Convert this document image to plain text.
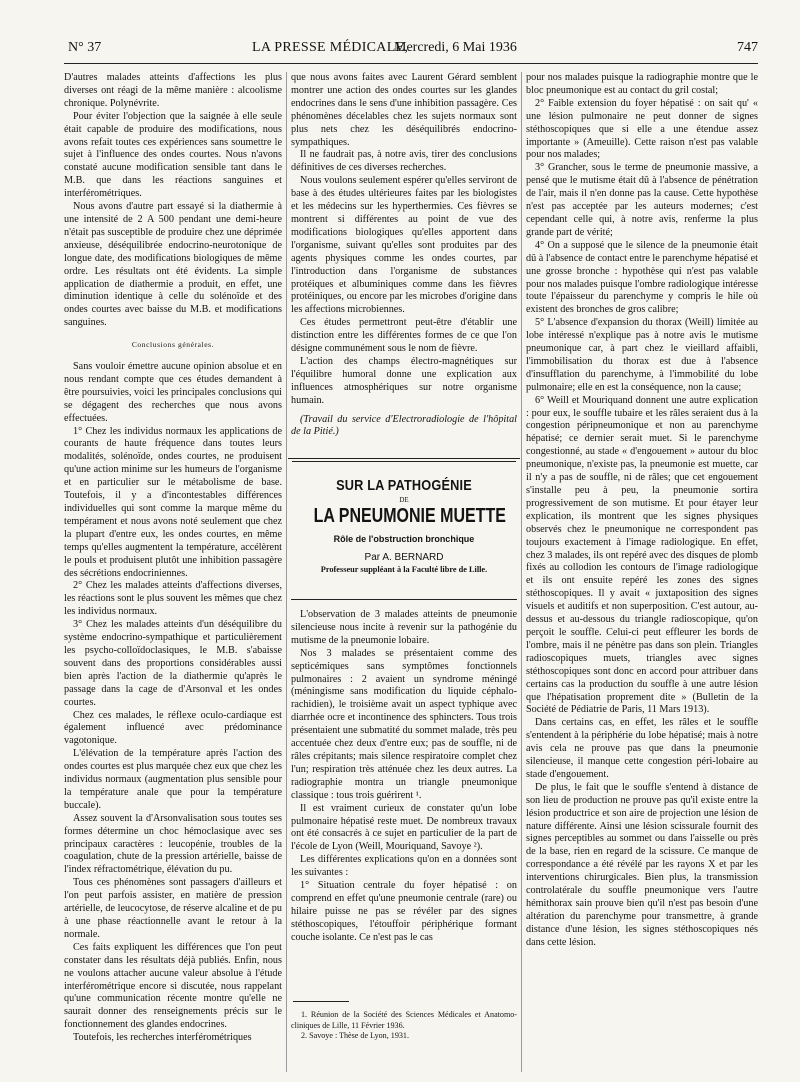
N° 37	LA PRESSE MÉDICALE,
Mercredi, 6 Mai 1936	747

D'autres malades atteints d'affections les plus diverses ont réagi de la même manière : alcoolisme chronique. Polynévrite.

Pour éviter l'objection que la saignée à elle seule était capable de produire des modifications, nous avons refait toutes ces expériences sans soumettre le sujet à l'influence des ondes courtes. Nous n'avons constaté aucune modification sensible tant dans le M.B. que dans les réactions sanguines et interférométriques.

Nous avons d'autre part essayé si la diathermie à une intensité de 2 A 500 pendant une demi-heure n'était pas susceptible de produire chez une déprimée anxieuse, déséquilibrée endocrino-neurotonique de longue date, des modifications biologiques de même ordre. Les résultats ont été évidents. La simple application de diathermie a produit, en effet, une diminution identique à celle du solénoïde et des ondes courtes avec baisse du M.B. et modifications sanguines.

Conclusions générales.

Sans vouloir émettre aucune opinion absolue et en nous rendant compte que ces études demandent à être poursuivies, voici les principales conclusions qui se dégagent des recherches que nous avons effectuées.

1° Chez les individus normaux les applications de courants de haute fréquence dans toutes leurs modalités, solénoïde, ondes courtes, ne produisent qu'une action minime sur les humeurs de l'organisme et en particulier sur le métabolisme de base. Toutefois, il y a d'incontestables différences individuelles qui sont comme la marque même du tempérament et nous avons noté seulement que chez la plupart d'entre eux, les ondes courtes, en même temps qu'elles augmentent la température, accélèrent le pouls et produisent plutôt une inhibition passagère des sécrétions endocriniennes.

2° Chez les malades atteints d'affections diverses, les réactions sont le plus souvent les mêmes que chez les individus normaux.

3° Chez les malades atteints d'un déséquilibre du système endocrino-sympathique et particulièrement les psycho-colloïdoclasiques, le M.B. s'abaisse souvent dans des proportions considérables aussi bien après l'action de la diathermie qu'après le passage dans la cage de d'Arsonval et les ondes courtes.

Chez ces malades, le réflexe oculo-cardiaque est également influencé avec prédominance vagotonique.

L'élévation de la température après l'action des ondes courtes est plus marquée chez eux que chez les individus normaux (augmentation plus sensible pour la température anale que pour la température buccale).

Assez souvent la d'Arsonvalisation sous toutes ses formes détermine un choc hémoclasique avec ses principaux caractères : leucopénie, troubles de la coagulation, chute de la pression artérielle, baisse de l'index réfractométrique, élévation du pu.

Tous ces phénomènes sont passagers d'ailleurs et l'on peut parfois assister, en matière de pression artérielle, de leucocytose, de réserve alcaline et de pu à une phase réactionnelle avant le retour à la normale.

Ces faits expliquent les différences que l'on peut constater dans les résultats déjà publiés. Enfin, nous ne voulons attacher aucune valeur absolue à l'étude interférométrique encore si discutée, nous rappelant qu'une communication récente montre qu'elle ne saurait donner des renseignements précis sur le fonctionnement des glandes endocrines.

Toutefois, les recherches interférométriques

que nous avons faites avec Laurent Gérard semblent montrer une action des ondes courtes sur les glandes endocrines dans le sens d'une inhibition passagère. Ces phénomènes décelables chez les sujets normaux sont plus nets chez les déséquilibrés endocrino-sympathiques.

Il ne faudrait pas, à notre avis, tirer des conclusions définitives de ces diverses recherches.

Nous voulons seulement espérer qu'elles serviront de base à des études ultérieures faites par les biologistes et les médecins sur les hyperthermies. Ces fièvres se montrent si différentes au point de vue des modifications biologiques qu'elles apportent dans l'organisme, suivant qu'elles sont produites par des agents physiques comme les ondes courtes, par l'introduction dans l'organisme de substances protéiques et albuminiques comme dans les fièvres protéiniques, ou encore par les microbes d'origine dans les affections microbiennes.

Ces études permettront peut-être d'établir une distinction entre les différentes formes de ce que l'on désigne communément sous le nom de fièvre.

L'action des champs électro-magnétiques sur l'équilibre humoral donne une explication aux influences atmosphériques sur notre organisme humain.

(Travail du service d'Electroradiologie de l'hôpital de la Pitié.)

SUR LA PATHOGÉNIE
DE
LA PNEUMONIE MUETTE
Rôle de l'obstruction bronchique
Par A. BERNARD
Professeur suppléant à la Faculté libre de Lille.

L'observation de 3 malades atteints de pneumonie silencieuse nous incite à revenir sur la pathogénie du mutisme de la pneumonie lobaire.

Nos 3 malades se présentaient comme des septicémiques sans symptômes fonctionnels pulmonaires : 2 avaient un syndrome méningé (méningisme sans modification du liquide céphalo-rachidien), le troisième avait un aspect typhique avec diarrhée ocre et incontinence des sphincters. Tous trois présentaient une submatité du sommet malade, très peu accentuée chez deux d'entre eux; pas de souffle, ni de râles crépitants; mais silence respiratoire complet chez l'un; respiration très atténuée chez les deux autres. La radiographie montra un triangle pneumonique classique : tous trois guérirent ¹.

Il est vraiment curieux de constater qu'un lobe pulmonaire hépatisé reste muet. De nombreux travaux ont été consacrés à ce sujet en particulier de la part de l'école de Lyon (Weill, Mouriquand, Savoye ²).

Les différentes explications qu'on en a données sont les suivantes :

1° Situation centrale du foyer hépatisé : on comprend en effet qu'une pneumonie centrale (rare) ou hilaire puisse ne pas se révéler par des signes stéthoscopiques, l'étouffoir périphérique formant couche isolante. Ce n'est pas le cas

1. Réunion de la Société des Sciences Médicales et Anatomo-cliniques de Lille, 11 Février 1936.

2. Savoye : Thèse de Lyon, 1931.

pour nos malades puisque la radiographie montre que le bloc pneumonique est au contact du gril costal;

2° Faible extension du foyer hépatisé : on sait qu' « une lésion pulmonaire ne peut donner de signes stéthoscopiques que si elle a une étendue assez importante » (Ameuille). Cette raison n'est pas valable pour nos malades;

3° Grancher, sous le terme de pneumonie massive, a pensé que le mutisme était dû à l'absence de pénétration de l'air, mais il n'en donne pas la cause. Cette hypothèse n'est pas acceptée par les auteurs modernes; c'est cependant celle qui, à notre avis, renferme la plus grande part de vérité;

4° On a supposé que le silence de la pneumonie était dû à l'absence de contact entre le parenchyme hépatisé et une grosse bronche : hypothèse qui n'est pas valable pour nos malades puisque l'ombre radiologique intéresse toute l'épaisseur du parenchyme y compris le hile où existent des bronches de gros calibre;

5° L'absence d'expansion du thorax (Weill) limitée au lobe intéressé n'explique pas à notre avis le mutisme pneumonique car, à part chez le vieillard affaibli, l'immobilisation du thorax est due à l'absence d'insufflation du parenchyme, à l'immobilité du lobe pulmonaire; elle en est la conséquence, non la cause;

6° Weill et Mouriquand donnent une autre explication : pour eux, le souffle tubaire et les râles seraient dus à la congestion péripneumonique et non au parenchyme hépatisé; ce dernier serait muet. Si le parenchyme congestionné, au stade « d'engouement » autour du bloc pneumonique, n'existe pas, la pneumonie est muette, car il n'y a pas de souffle, ni de râles; que cet engouement s'installe peu à peu, la pneumonie sortira progressivement de son mutisme. Et pour étayer leur explication, ils montrent que les signes physiques observés chez le pneumonique ne correspondent pas toujours exactement à l'image radiologique. En effet, chez 3 malades, ils ont repéré avec des disques de plomb fixés au collodion les contours de l'image radiologique et ils ont ensuite repéré les zones des signes stéthoscopiques. Il y avait « juxtaposition des signes visuels et auditifs et non superposition. C'est autour, au-dessus et au-dessous du triangle radioscopique, qu'on perçoit le souffle. Celui-ci peut effleurer les bords de l'ombre, mais il ne pénètre pas dans son plein. Triangles radioscopiques muets, triangles avec signes stéthoscopiques sont donc en accord pour attribuer dans certains cas la production du souffle à une autre lésion que l'hépatisation proprement dite » (Bulletin de la Société de Pédiatrie de Paris, 11 Mars 1913).

Dans certains cas, en effet, les râles et le souffle s'entendent à la périphérie du lobe hépatisé; mais à notre avis cela ne prouve pas que dans la pneumonie silencieuse, il manque cette congestion péri-lobaire au stade d'engouement.

De plus, le fait que le souffle s'entend à distance de son lieu de production ne prouve pas qu'il existe entre la lésion productrice et son aire de projection une lésion de nature différente. Ainsi une lésion scissurale fournit des signes perceptibles au sommet ou dans l'aisselle ou près de la base, rien en regard de la scissure. Ce manque de correspondance a été révélé par les rayons X et par les interventions chirurgicales. Bien plus, la transmission controlatérale du souffle pneumonique vers l'autre hémithorax sain prouve bien qu'il n'est pas besoin d'une altération du parenchyme pour transmettre, à grande distance d'une lésion, les signes stéthoscopiques nés dans cette lésion.
